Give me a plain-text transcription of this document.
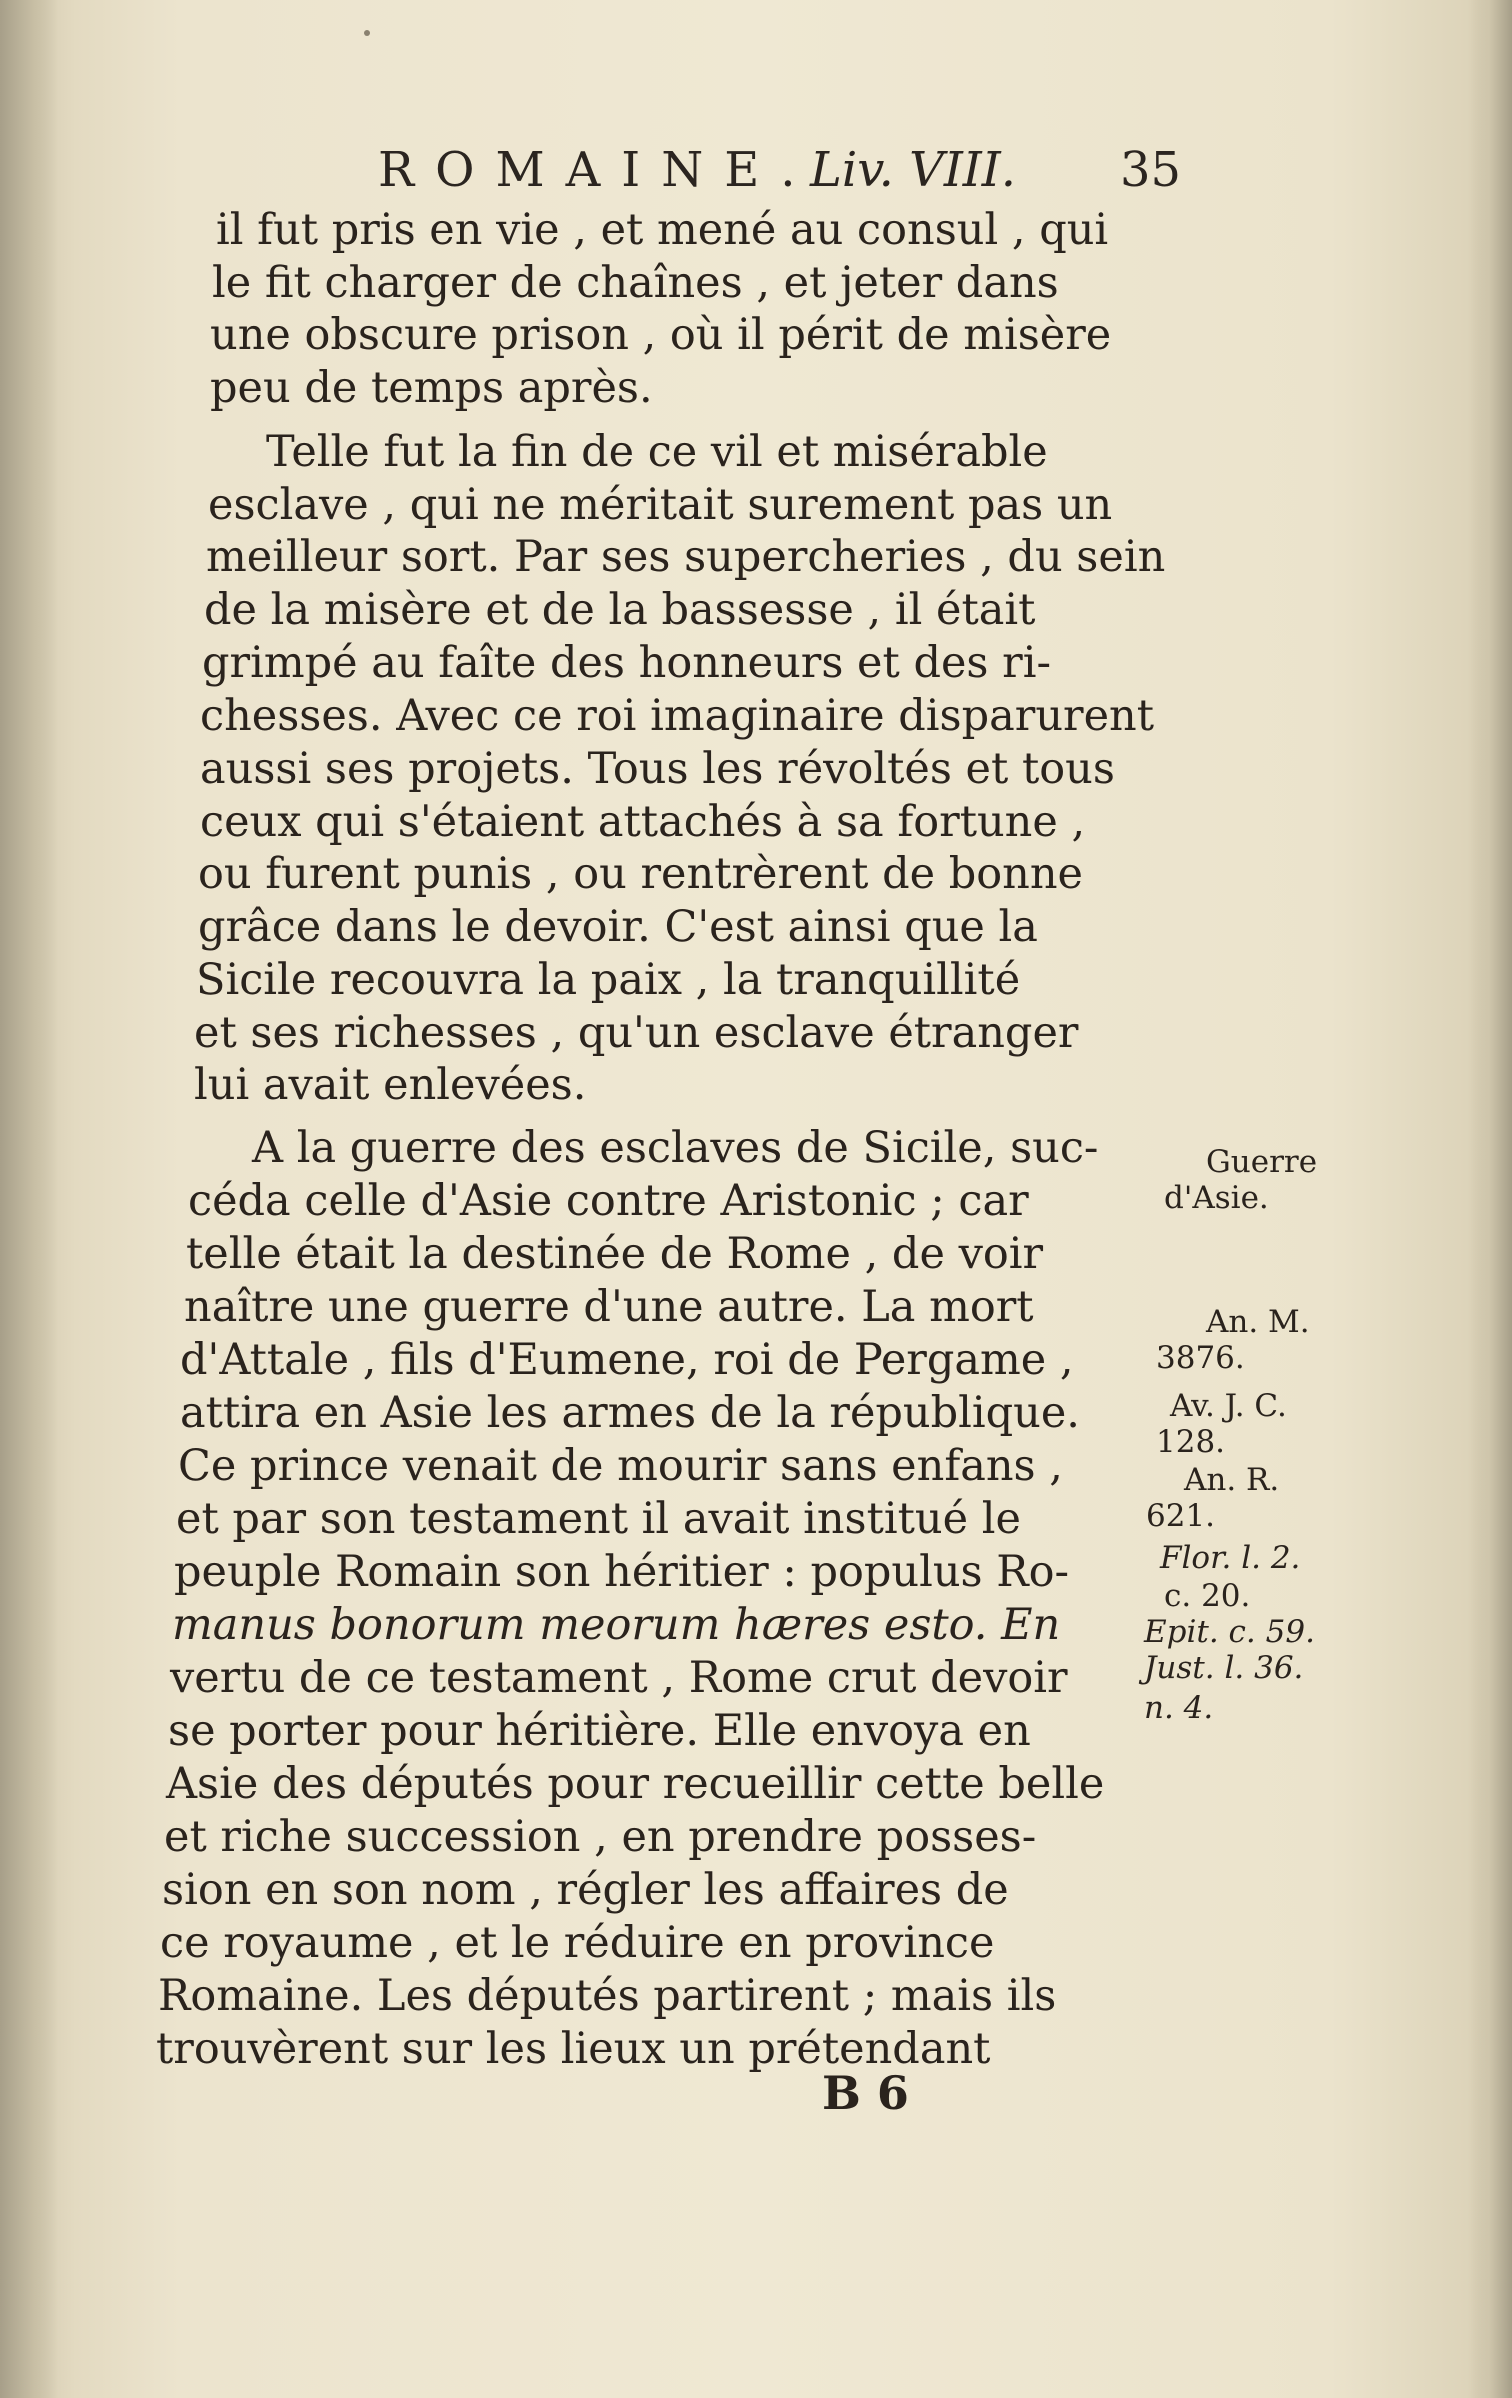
ROMAINE.
Liv. VIII. 35
il fut pris en vie , et mené au consul , qui
le fit charger de chaînes , et jeter dans
une obscure prison , où il périt de misère
peu de temps après.
Telle fut la fin de ce vil et misérable
esclave , qui ne méritait surement pas un
meilleur sort. Par ses supercheries , du sein
de la misère et de la bassesse , il était
grimpé au faîte des honneurs et des ri-
chesses. Avec ce roi imaginaire disparurent
aussi ses projets. Tous les révoltés et tous
ceux qui s'étaient attachés à sa fortune ,
ou furent punis , ou rentrèrent de bonne
grâce dans le devoir. C'est ainsi que la
Sicile recouvra la paix , la tranquillité
et ses richesses , qu'un esclave étranger
lui avait enlevées.
A la guerre des esclaves de Sicile, suc-
céda celle d'Asie contre Aristonic ; car
telle était la destinée de Rome , de voir
naître une guerre d'une autre. La mort
d'Attale , fils d'Eumene, roi de Pergame ,
attira en Asie les armes de la république.
Ce prince venait de mourir sans enfans ,
et par son testament il avait institué le
peuple Romain son héritier : populus Ro-
manus bonorum meorum hæres esto. En
vertu de ce testament , Rome crut devoir
se porter pour héritière. Elle envoya en
Asie des députés pour recueillir cette belle
et riche succession , en prendre posses-
sion en son nom , régler les affaires de
ce royaume , et le réduire en province
Romaine. Les députés partirent ; mais ils
trouvèrent sur les lieux un prétendant
Guerre
d'Asie.
An. M.
3876.
Av. J. C.
128.
An. R.
621.
Flor. l. 2.
c. 20.
Epit. c. 59.
Just. l. 36.
n. 4.
B 6
